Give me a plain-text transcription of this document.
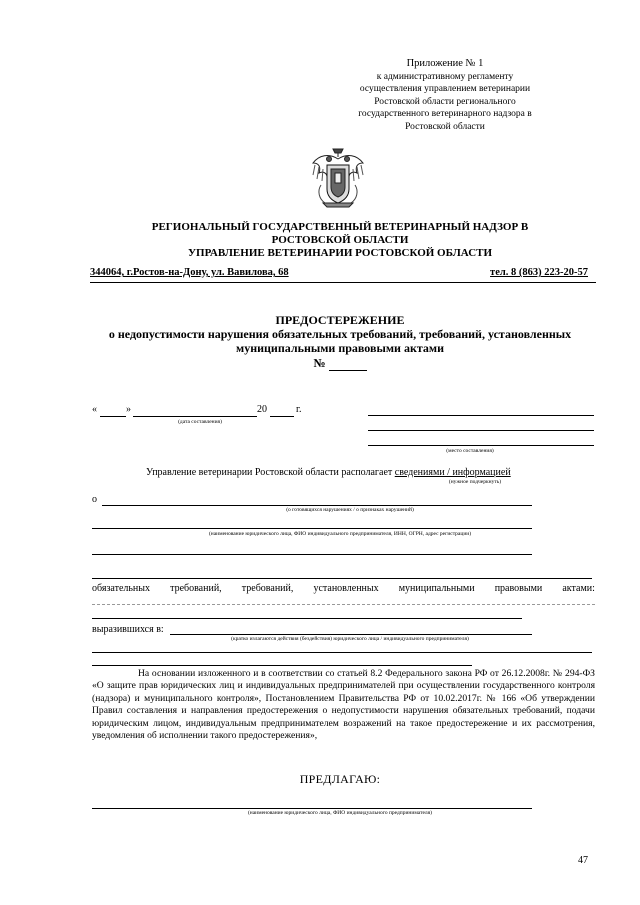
Приложение № 1
к административному регламенту
осуществления управлением ветеринарии
Ростовской области регионального
государственного ветеринарного надзора в
Ростовской области
РЕГИОНАЛЬНЫЙ ГОСУДАРСТВЕННЫЙ ВЕТЕРИНАРНЫЙ НАДЗОР В
РОСТОВСКОЙ ОБЛАСТИ
УПРАВЛЕНИЕ ВЕТЕРИНАРИИ РОСТОВСКОЙ ОБЛАСТИ
344064, г.Ростов-на-Дону, ул. Вавилова, 68	тел. 8 (863) 223-20-57
ПРЕДОСТЕРЕЖЕНИЕ
о недопустимости нарушения обязательных требований, требований, установленных
муниципальными правовыми актами
№
«	»	20	г.
(дата составления)
(место составления)
Управление ветеринарии Ростовской области располагает сведениями / информацией
(нужное подчеркнуть)
о
(о готовящихся нарушениях / о признаках нарушений)
(наименование юридического лица, ФИО индивидуального предпринимателя, ИНН, ОГРН, адрес регистрации)
обязательных требований, требований, установленных муниципальными правовыми актами:
выразившихся в:
(кратко излагаются действия (бездействия) юридического лица / индивидуального предпринимателя)
На основании изложенного и в соответствии со статьей 8.2 Федерального закона РФ от 26.12.2008г. № 294-ФЗ «О защите прав юридических лиц и индивидуальных предпринимателей при осуществлении государственного контроля (надзора) и муниципального контроля», Постановлением Правительства РФ от 10.02.2017г. № 166 «Об утверждении Правил составления и направления предостережения о недопустимости нарушения обязательных требований, подачи юридическим лицом, индивидуальным предпринимателем возражений на такое предостережение и их рассмотрения, уведомления об исполнении такого предостережения»,
ПРЕДЛАГАЮ:
(наименование юридического лица, ФИО индивидуального предпринимателя)
47
